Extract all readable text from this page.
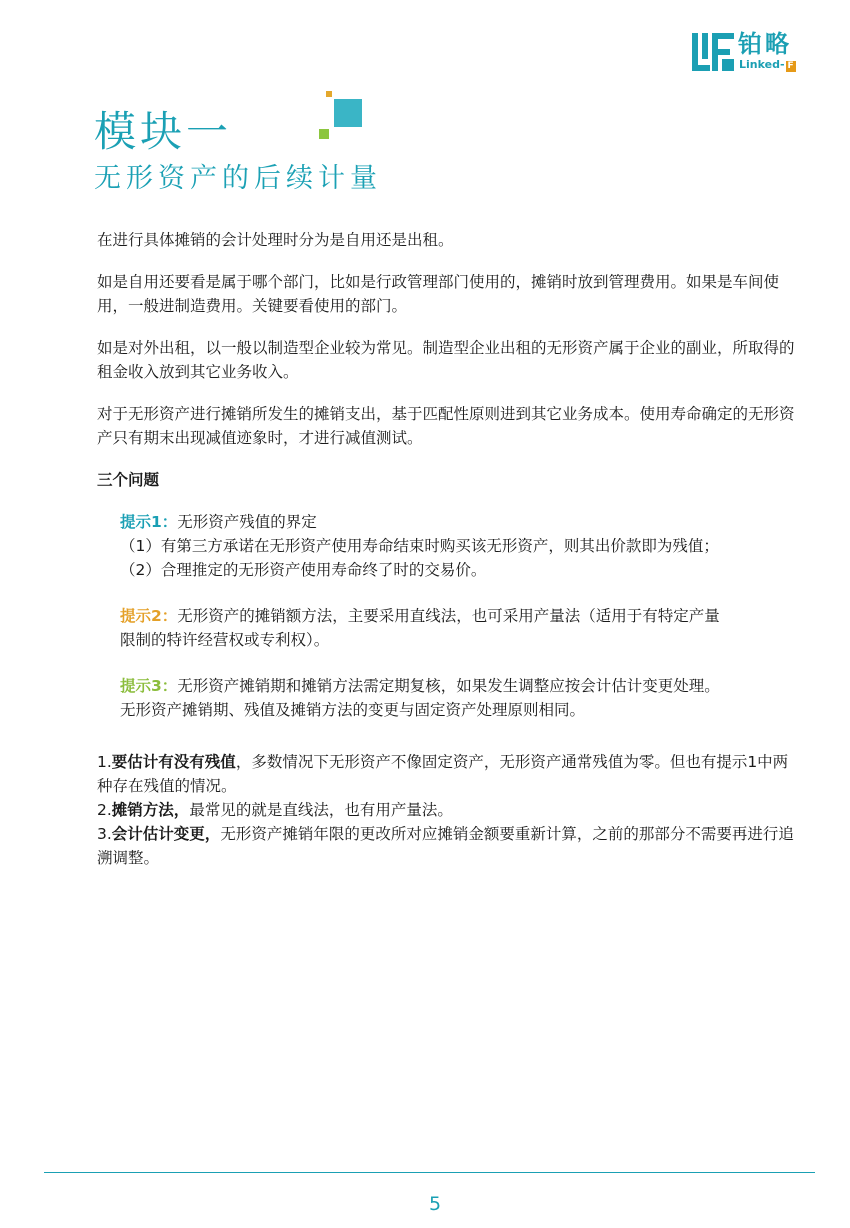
铂略
Linked- F
模块一
无形资产的后续计量

在进行具体摊销的会计处理时分为是自用还是出租。

如是自用还要看是属于哪个部门，比如是行政管理部门使用的，摊销时放到管理费用。如果是车间使用，一般进制造费用。关键要看使用的部门。

如是对外出租，以一般以制造型企业较为常见。制造型企业出租的无形资产属于企业的副业，所取得的租金收入放到其它业务收入。

对于无形资产进行摊销所发生的摊销支出，基于匹配性原则进到其它业务成本。使用寿命确定的无形资产只有期末出现减值迹象时，才进行减值测试。

三个问题

提示1：无形资产残值的界定

（1）有第三方承诺在无形资产使用寿命结束时购买该无形资产，则其出价款即为残值；

（2）合理推定的无形资产使用寿命终了时的交易价。

提示2：无形资产的摊销额方法，主要采用直线法，也可采用产量法（适用于有特定产量限制的特许经营权或专利权）。

提示3：无形资产摊销期和摊销方法需定期复核，如果发生调整应按会计估计变更处理。无形资产摊销期、残值及摊销方法的变更与固定资产处理原则相同。

1.要估计有没有残值，多数情况下无形资产不像固定资产，无形资产通常残值为零。但也有提示1中两种存在残值的情况。

2.摊销方法，最常见的就是直线法，也有用产量法。

3.会计估计变更，无形资产摊销年限的更改所对应摊销金额要重新计算，之前的那部分不需要再进行追溯调整。

5
